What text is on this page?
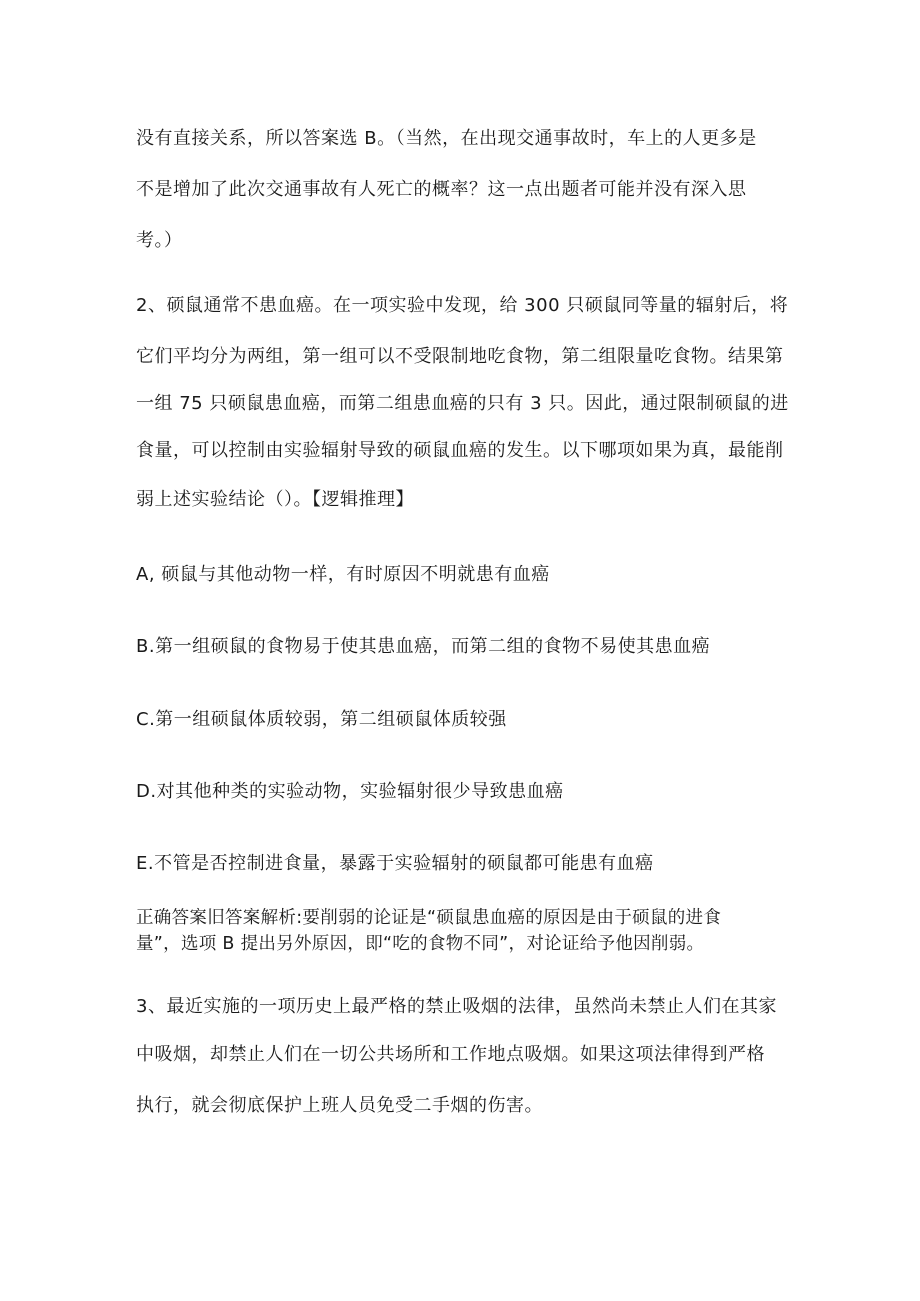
没有直接关系，所以答案选 B。（当然，在出现交通事故时，车上的人更多是
不是增加了此次交通事故有人死亡的概率？这一点出题者可能并没有深入思
考。）
2、硕鼠通常不患血癌。在一项实验中发现，给 300 只硕鼠同等量的辐射后，将
它们平均分为两组，第一组可以不受限制地吃食物，第二组限量吃食物。结果第
一组 75 只硕鼠患血癌，而第二组患血癌的只有 3 只。因此，通过限制硕鼠的进
食量，可以控制由实验辐射导致的硕鼠血癌的发生。以下哪项如果为真，最能削
弱上述实验结论（）。【逻辑推理】
A, 硕鼠与其他动物一样，有时原因不明就患有血癌
B.第一组硕鼠的食物易于使其患血癌，而第二组的食物不易使其患血癌
C.第一组硕鼠体质较弱，第二组硕鼠体质较强
D.对其他种类的实验动物，实验辐射很少导致患血癌
E.不管是否控制进食量，暴露于实验辐射的硕鼠都可能患有血癌
正确答案旧答案解析:要削弱的论证是“硕鼠患血癌的原因是由于硕鼠的进食
量”，选项 B 提出另外原因，即“吃的食物不同”，对论证给予他因削弱。
3、最近实施的一项历史上最严格的禁止吸烟的法律，虽然尚未禁止人们在其家
中吸烟，却禁止人们在一切公共场所和工作地点吸烟。如果这项法律得到严格
执行，就会彻底保护上班人员免受二手烟的伤害。
